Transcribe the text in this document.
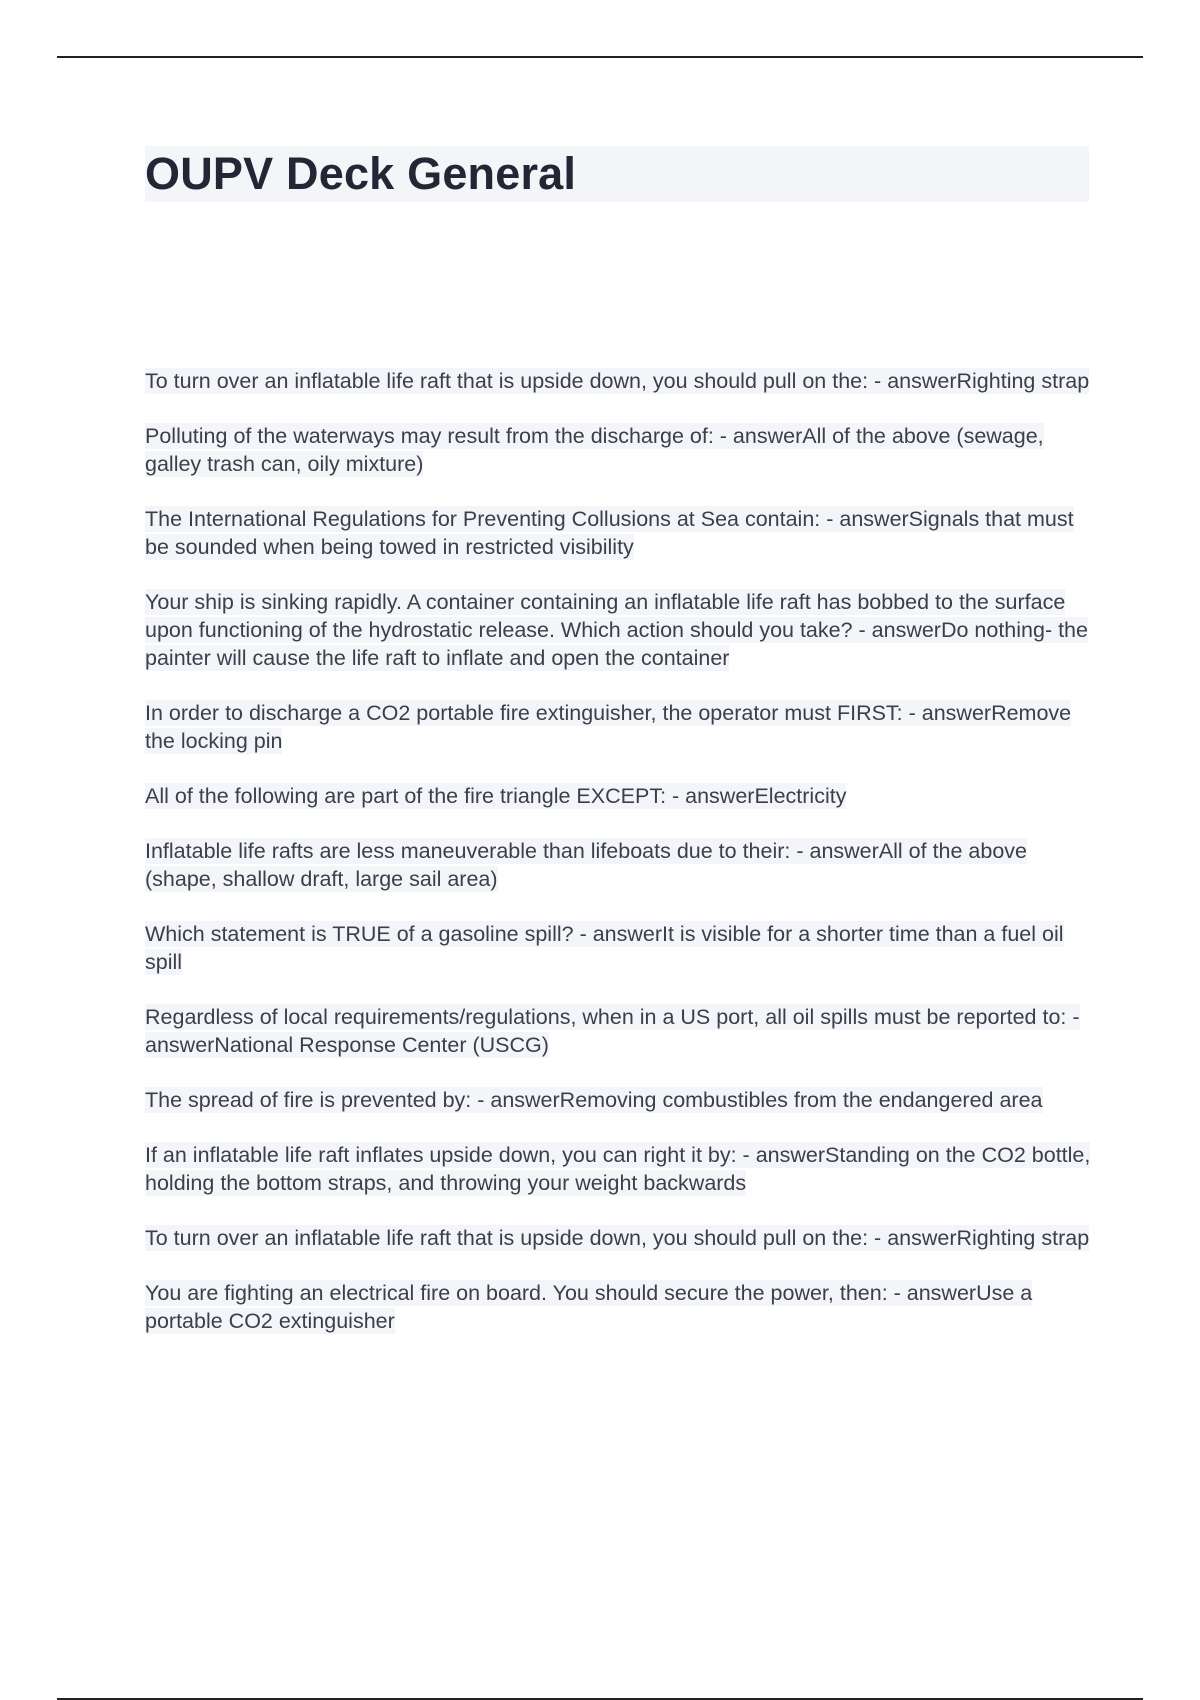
OUPV Deck General
To turn over an inflatable life raft that is upside down, you should pull on the: - answerRighting strap
Polluting of the waterways may result from the discharge of: - answerAll of the above (sewage, galley trash can, oily mixture)
The International Regulations for Preventing Collusions at Sea contain: - answerSignals that must be sounded when being towed in restricted visibility
Your ship is sinking rapidly. A container containing an inflatable life raft has bobbed to the surface upon functioning of the hydrostatic release. Which action should you take? - answerDo nothing- the painter will cause the life raft to inflate and open the container
In order to discharge a CO2 portable fire extinguisher, the operator must FIRST: - answerRemove the locking pin
All of the following are part of the fire triangle EXCEPT: - answerElectricity
Inflatable life rafts are less maneuverable than lifeboats due to their: - answerAll of the above (shape, shallow draft, large sail area)
Which statement is TRUE of a gasoline spill? - answerIt is visible for a shorter time than a fuel oil spill
Regardless of local requirements/regulations, when in a US port, all oil spills must be reported to: - answerNational Response Center (USCG)
The spread of fire is prevented by: - answerRemoving combustibles from the endangered area
If an inflatable life raft inflates upside down, you can right it by: - answerStanding on the CO2 bottle, holding the bottom straps, and throwing your weight backwards
To turn over an inflatable life raft that is upside down, you should pull on the: - answerRighting strap
You are fighting an electrical fire on board. You should secure the power, then: - answerUse a portable CO2 extinguisher
